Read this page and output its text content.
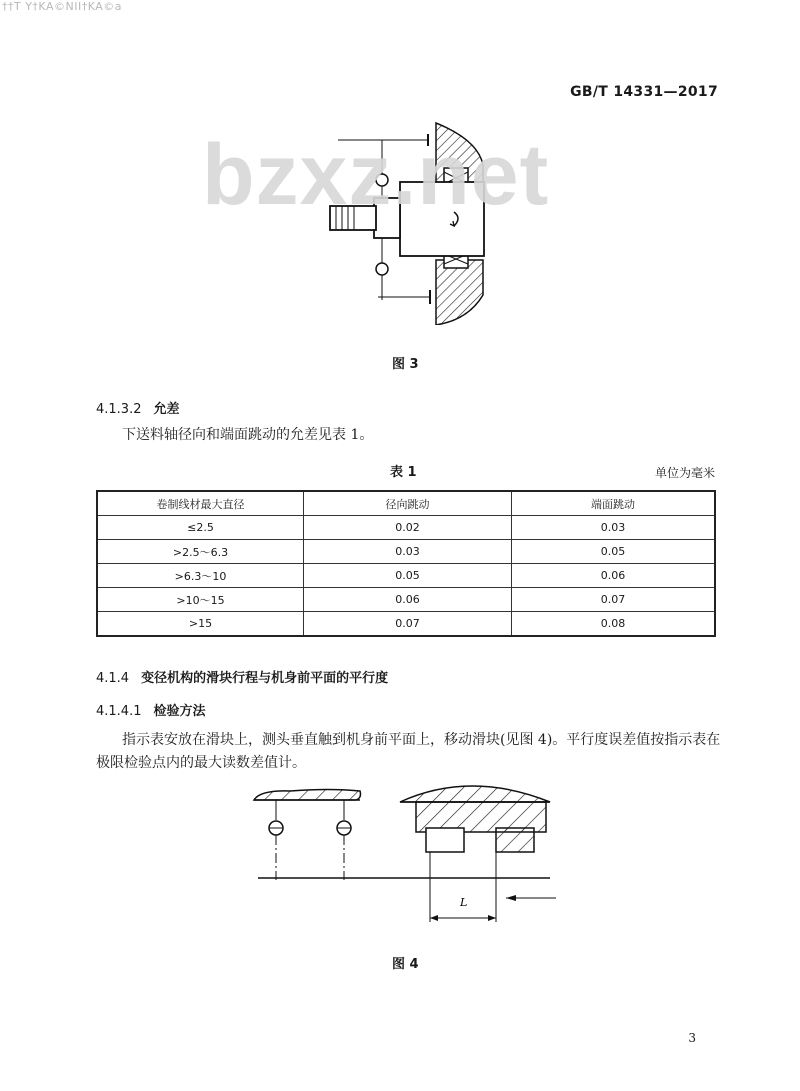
††T Y†KA©NII†KA©a
GB/T 14331—2017
bzxz.net
图 3
4.1.3.2 允差
下送料轴径向和端面跳动的允差见表 1。
表 1	单位为毫米
卷制线材最大直径	径向跳动	端面跳动
≤2.5	0.02	0.03
>2.5～6.3	0.03	0.05
>6.3～10	0.05	0.06
>10～15	0.06	0.07
>15	0.07	0.08
4.1.4 变径机构的滑块行程与机身前平面的平行度
4.1.4.1 检验方法
指示表安放在滑块上，测头垂直触到机身前平面上，移动滑块(见图 4)。平行度误差值按指示表在
极限检验点内的最大读数差值计。
L
图 4
3
